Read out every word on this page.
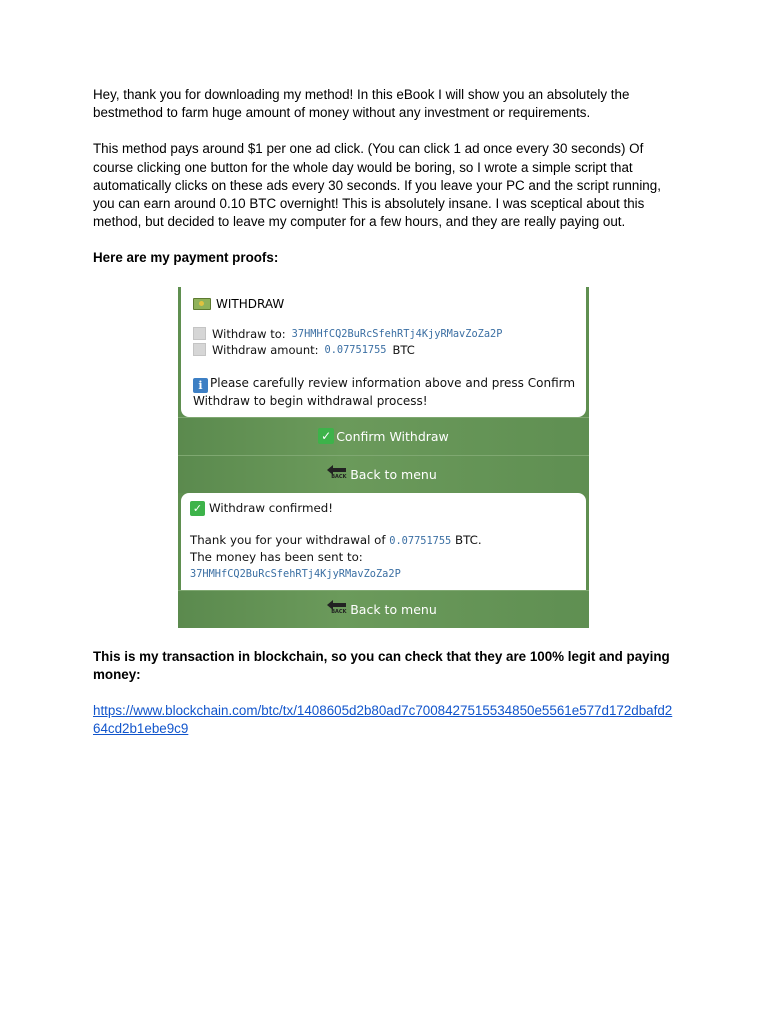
Hey, thank you for downloading my method! In this eBook I will show you an absolutely the bestmethod to farm huge amount of money without any investment or requirements.

This method pays around $1 per one ad click. (You can click 1 ad once every 30 seconds) Of course clicking one button for the whole day would be boring, so I wrote a simple script that automatically clicks on these ads every 30 seconds. If you leave your PC and the script running, you can earn around 0.10 BTC overnight! This is absolutely insane. I was sceptical about this method, but decided to leave my computer for a few hours, and they are really paying out.

Here are my payment proofs:

WITHDRAW
Withdraw to: 37HMHfCQ2BuRcSfehRTj4KjyRMavZoZa2P
Withdraw amount: 0.07751755 BTC
i Please carefully review information above and press Confirm Withdraw to begin withdrawal process!
✓ Confirm Withdraw
BACK Back to menu
✓ Withdraw confirmed!
Thank you for your withdrawal of 0.07751755 BTC.
The money has been sent to:
37HMHfCQ2BuRcSfehRTj4KjyRMavZoZa2P
BACK Back to menu

This is my transaction in blockchain, so you can check that they are 100% legit and paying money:

https://www.blockchain.com/btc/tx/1408605d2b80ad7c7008427515534850e5561e577d172dbafd264cd2b1ebe9c9
